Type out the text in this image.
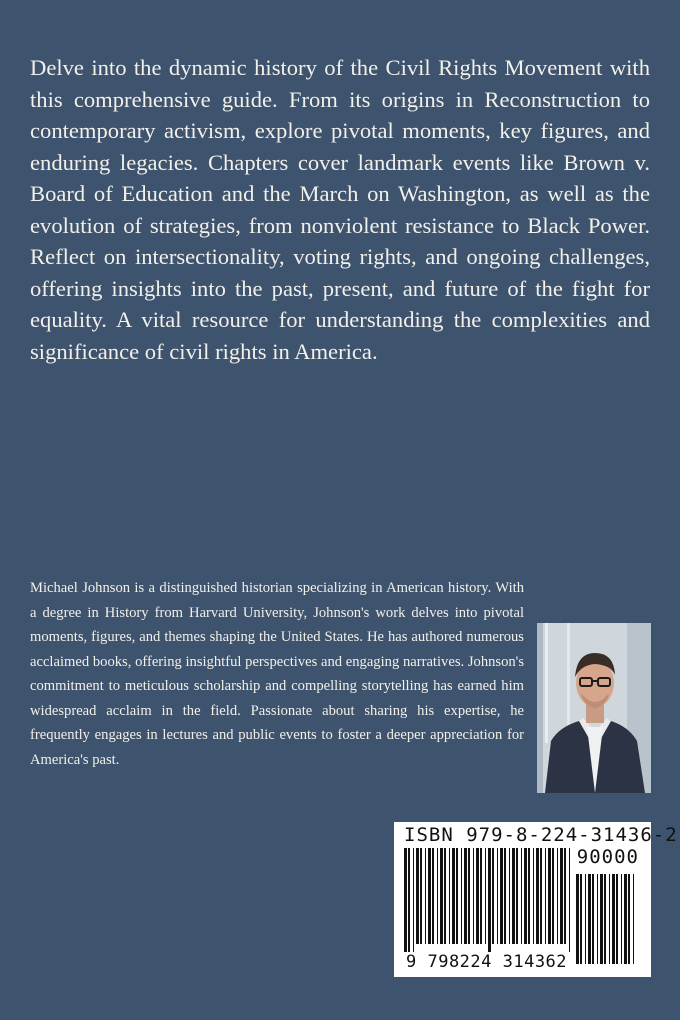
Delve into the dynamic history of the Civil Rights Movement with this comprehensive guide. From its origins in Reconstruction to contemporary activism, explore pivotal moments, key figures, and enduring legacies. Chapters cover landmark events like Brown v. Board of Education and the March on Washington, as well as the evolution of strategies, from nonviolent resistance to Black Power. Reflect on intersectionality, voting rights, and ongoing challenges, offering insights into the past, present, and future of the fight for equality. A vital resource for understanding the complexities and significance of civil rights in America.

Michael Johnson is a distinguished historian specializing in American history. With a degree in History from Harvard University, Johnson's work delves into pivotal moments, figures, and themes shaping the United States. He has authored numerous acclaimed books, offering insightful perspectives and engaging narratives. Johnson's commitment to meticulous scholarship and compelling storytelling has earned him widespread acclaim in the field. Passionate about sharing his expertise, he frequently engages in lectures and public events to foster a deeper appreciation for America's past.

ISBN 979-8-224-31436-2
90000
9 798224 314362
